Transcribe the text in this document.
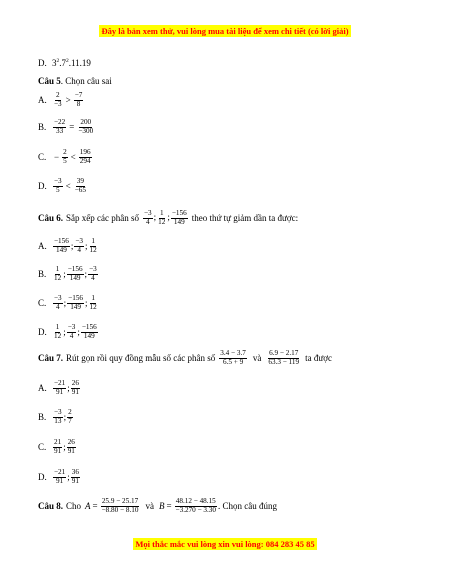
Đây là bản xem thử, vui lòng mua tài liệu để xem chi tiết (có lời giải)
D. $3^2.7^2.11.19$
Câu 5 . Chọn câu sai
A. $\frac{2}{-3} > \frac{-7}{8}$
B. $\frac{-22}{33} = \frac{200}{-300}$
C. − $\frac{2}{5} < \frac{196}{294}$
D. $\frac{-3}{5} < \frac{39}{-65}$
Câu 6. Sắp xếp các phân số $\frac{-3}{4}$ ; $\frac{1}{12}$ ; $\frac{-156}{149}$ theo thứ tự giảm dần ta được:
A. $\frac{-156}{149}$ ; $\frac{-3}{4}$ ; $\frac{1}{12}$
B. $\frac{1}{12}$ ; $\frac{-156}{149}$ ; $\frac{-3}{4}$
C. $\frac{-3}{4}$ ; $\frac{-156}{149}$ ; $\frac{1}{12}$
D. $\frac{1}{12}$ ; $\frac{-3}{4}$ ; $\frac{-156}{149}$
Câu 7. Rút gọn rồi quy đồng mẫu số các phân số $\frac{3.4 - 3.7}{6.5 + 9}$ và $\frac{6.9 - 2.17}{63.3 - 119}$ ta được
A. $\frac{-21}{91}$ ; $\frac{26}{91}$
B. $\frac{-3}{13}$ ; $\frac{2}{7}$
C. $\frac{21}{91}$ ; $\frac{26}{91}$
D. $\frac{-21}{91}$ ; $\frac{36}{91}$
Câu 8. Cho $A = \frac{25.9 - 25.17}{-8.80 - 8.10}$ và $B = \frac{48.12 - 48.15}{-3.270 - 3.30}$ . Chọn câu đúng
Mọi thắc mắc vui lòng xin vui lòng: 084 283 45 85
